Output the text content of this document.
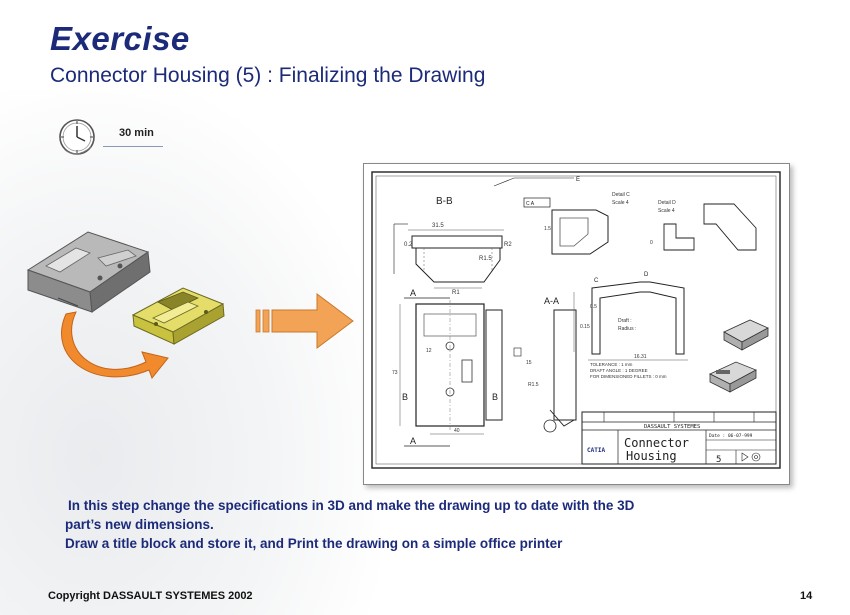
Exercise
Connector Housing (5) : Finalizing the Drawing
30 min
B-B
31.5
0.2	R2
R1.5
R1
E
C A
1.5
Detail C
Scale 4	Detail D
Scale 4
0
A
A
73
12
B	B
40
15
R1.5
A-A
16.31
Draft :
Radius :
C
D
0.5
0.15
TOLERANCE : 1 mm
DRAFT ANGLE : 1 DEGREE
FOR DIMENSIONED FILLETS : 0 mm
DASSAULT SYSTEMES
Connector
Housing
CATIA
Date : 06-07-999
5
In this step change the specifications in 3D and make the drawing up to date with the 3D
part’s new dimensions.
Draw a title block and store it, and Print the drawing on a simple office printer
Copyright DASSAULT SYSTEMES 2002	14
